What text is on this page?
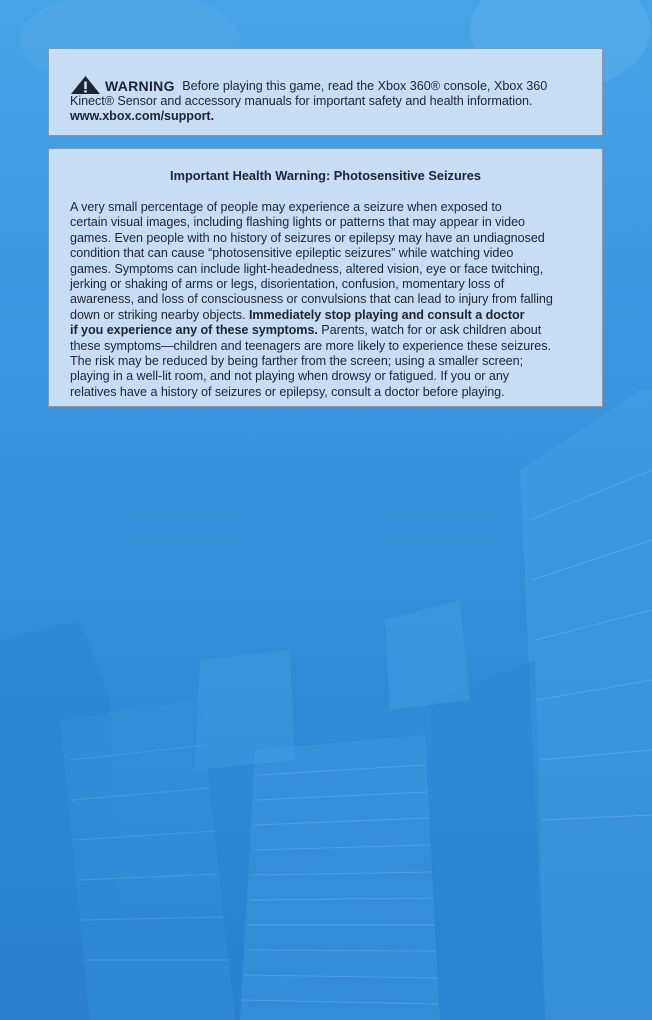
WARNING Before playing this game, read the Xbox 360® console, Xbox 360
Kinect® Sensor and accessory manuals for important safety and health information.
www.xbox.com/support.
Important Health Warning: Photosensitive Seizures
A very small percentage of people may experience a seizure when exposed to
certain visual images, including flashing lights or patterns that may appear in video
games. Even people with no history of seizures or epilepsy may have an undiagnosed
condition that can cause “photosensitive epileptic seizures” while watching video
games. Symptoms can include light-headedness, altered vision, eye or face twitching,
jerking or shaking of arms or legs, disorientation, confusion, momentary loss of
awareness, and loss of consciousness or convulsions that can lead to injury from falling
down or striking nearby objects. Immediately stop playing and consult a doctor
if you experience any of these symptoms. Parents, watch for or ask children about
these symptoms—children and teenagers are more likely to experience these seizures.
The risk may be reduced by being farther from the screen; using a smaller screen;
playing in a well-lit room, and not playing when drowsy or fatigued. If you or any
relatives have a history of seizures or epilepsy, consult a doctor before playing.
